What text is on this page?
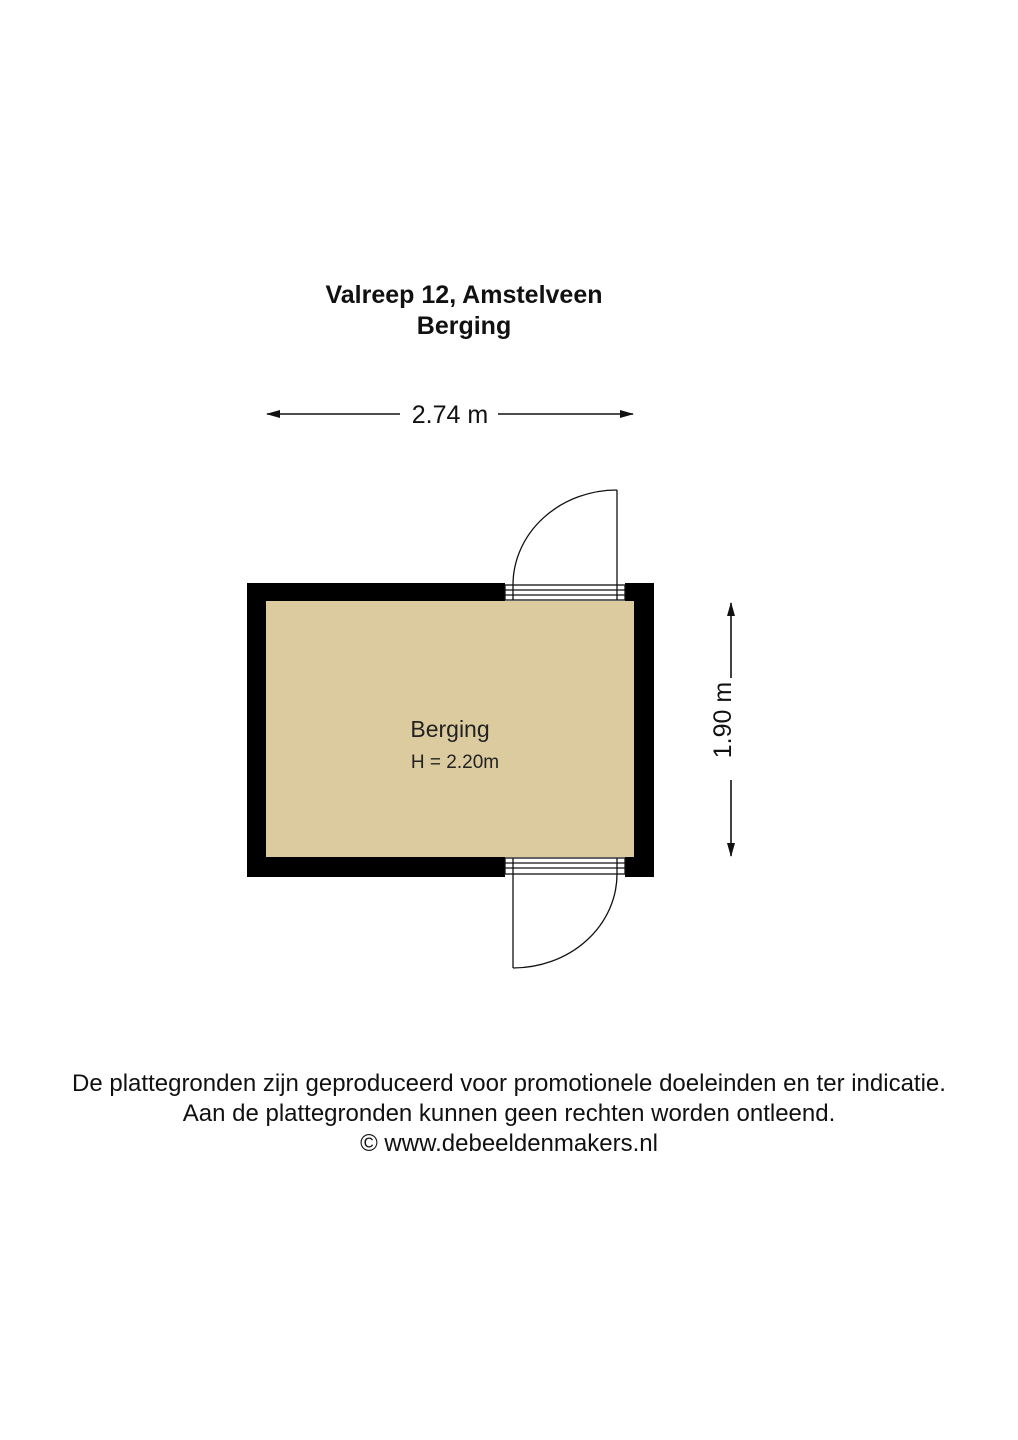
Valreep 12, Amstelveen
Berging
2.74 m
1.90 m
Berging
H = 2.20m
De plattegronden zijn geproduceerd voor promotionele doeleinden en ter indicatie.
Aan de plattegronden kunnen geen rechten worden ontleend.
© www.debeeldenmakers.nl
